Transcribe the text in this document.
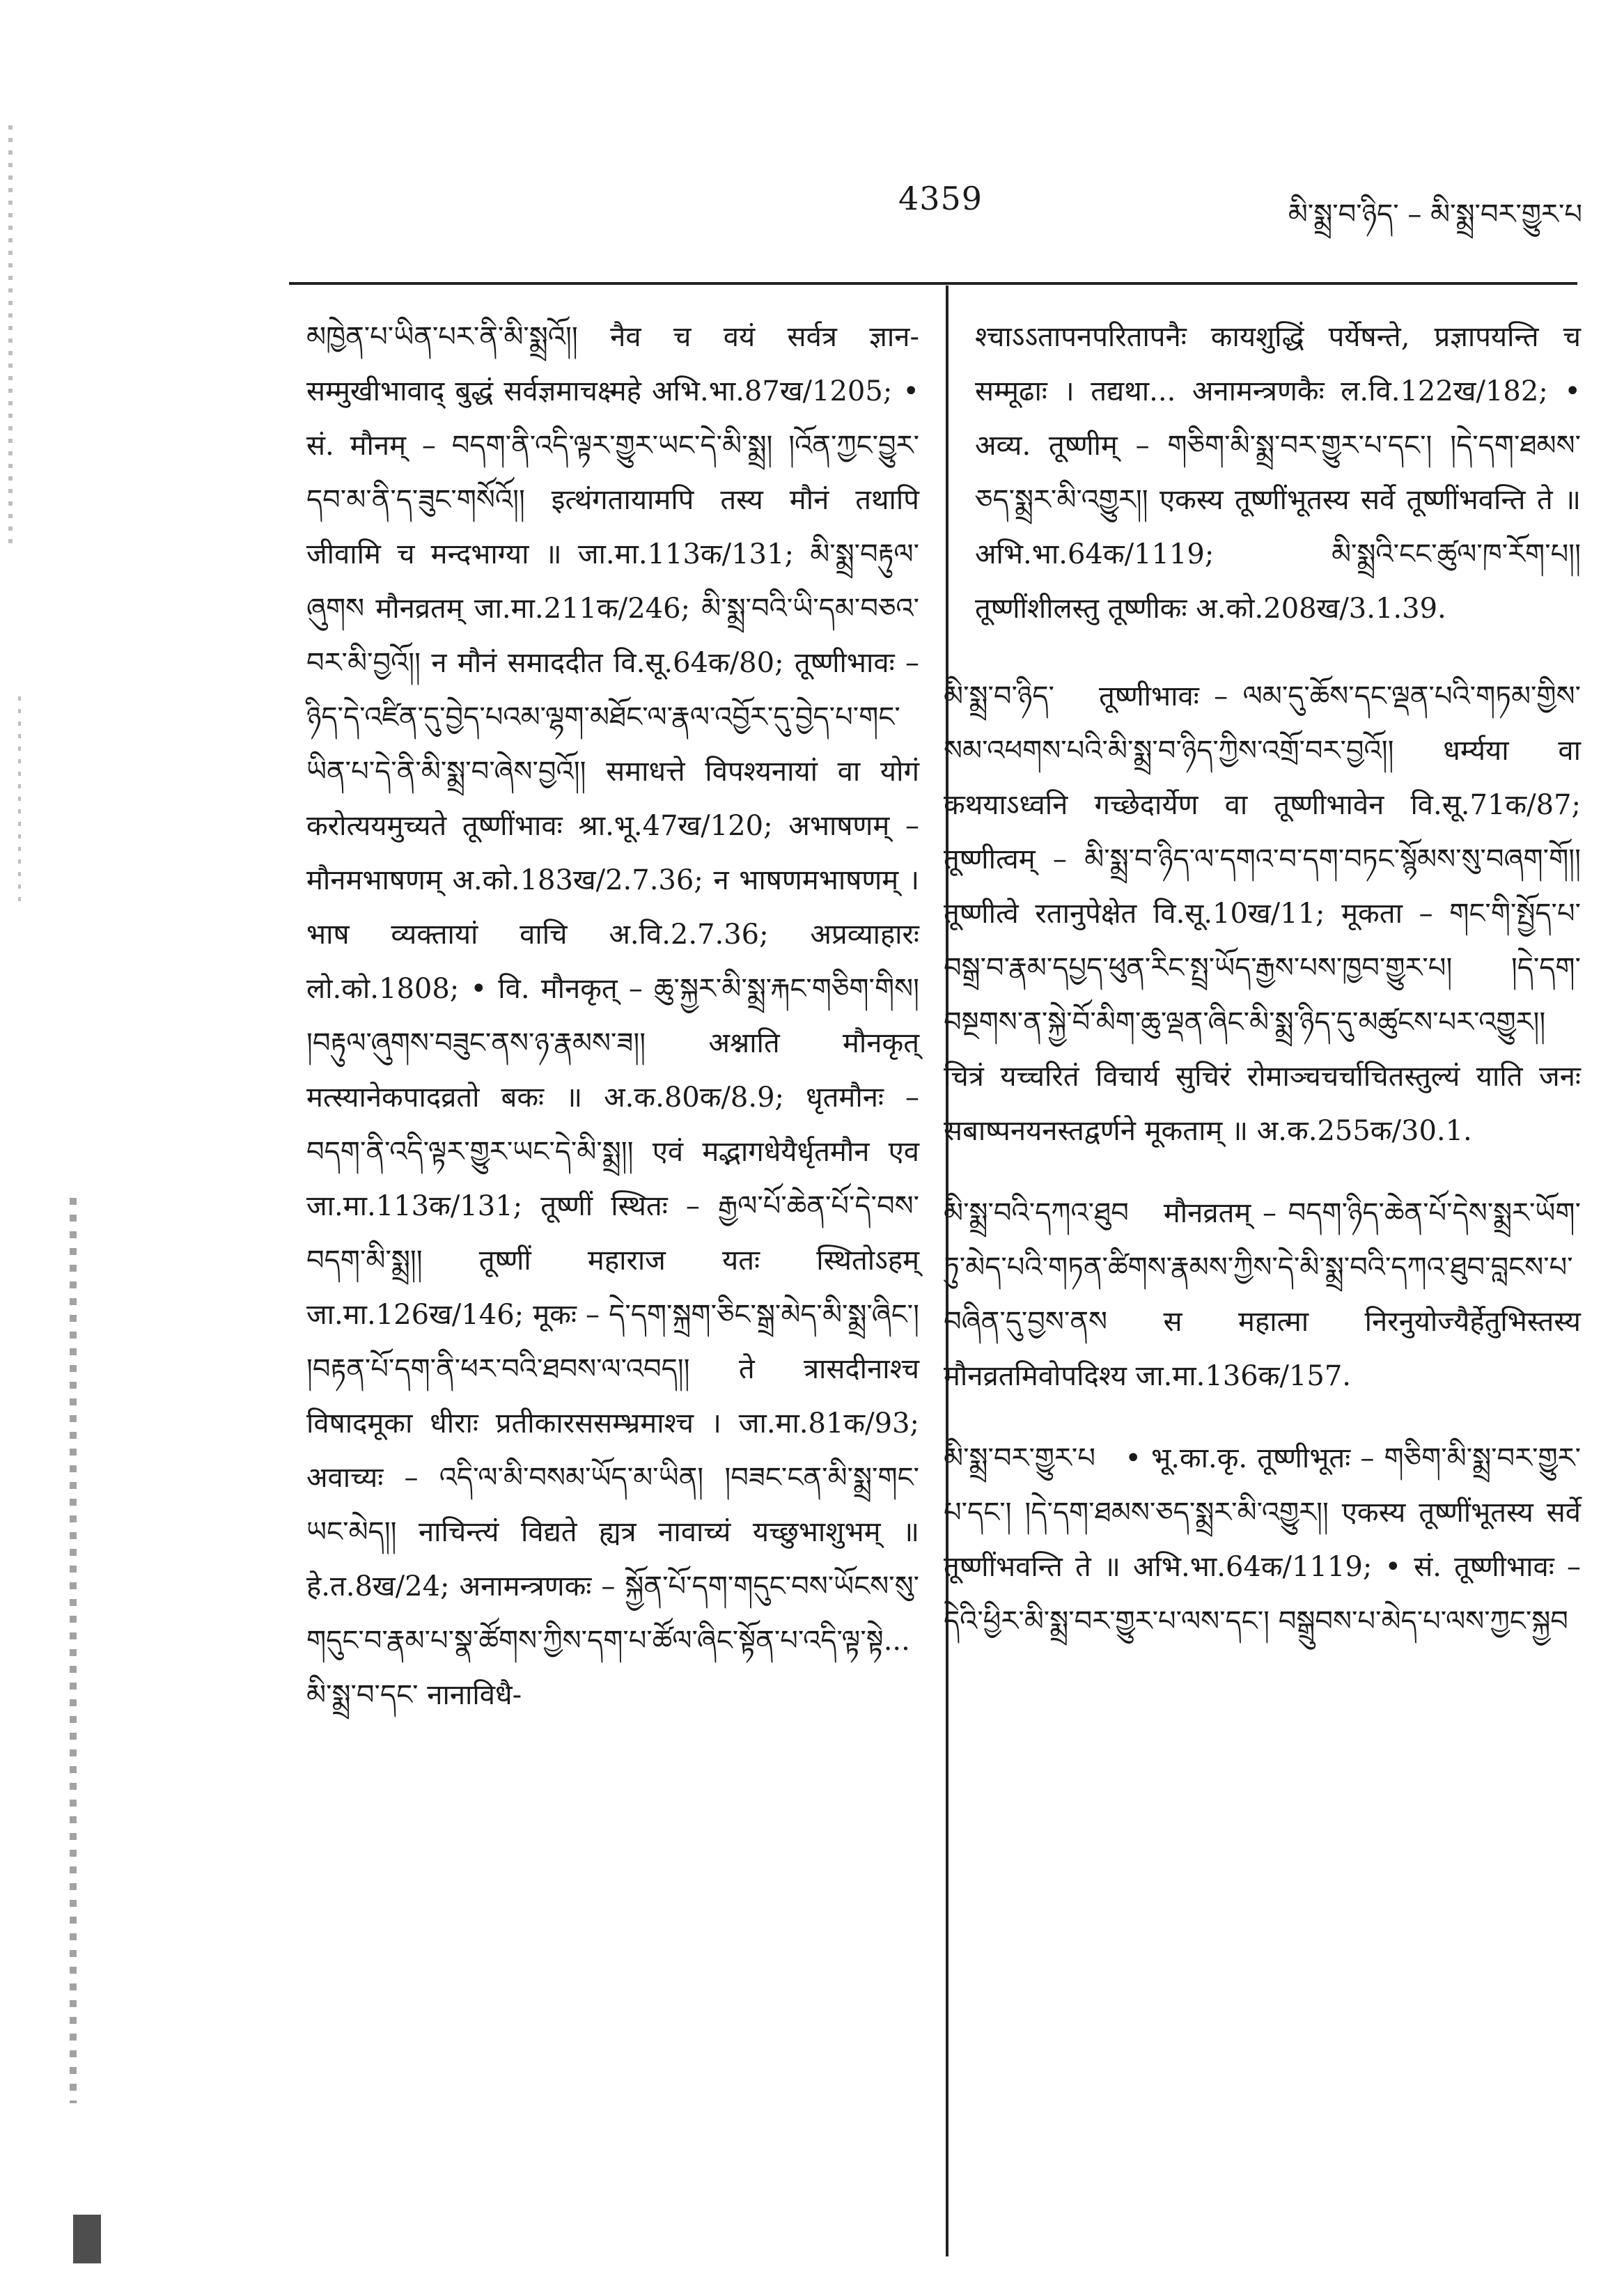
4359	མི་སྨྲ་བ་ཉིད་ – མི་སྨྲ་བར་གྱུར་པ

མཁྱེན་པ་ཡིན་པར་ནི་མི་སྨྲའོ།། नैव च वयं सर्वत्र ज्ञान-सम्मुखीभावाद् बुद्धं सर्वज्ञमाचक्ष्महे अभि.भा.87ख/1205; • सं. मौनम् – བདག་ནི་འདི་ལྟར་གྱུར་ཡང་དེ་མི་སྨྲ། །འོན་ཀྱང་བྱུར་དབ་མ་ནི་ད་ཟུང་གསོའོ།། इत्थंगतायामपि तस्य मौनं तथापि जीवामि च मन्दभाग्या ॥ जा.मा.113क/131; མི་སྨྲ་བརྟུལ་ཞུགས मौनव्रतम् जा.मा.211क/246; མི་སྨྲ་བའི་ཡི་དམ་བཅའ་བར་མི་བྱའོ།། न मौनं समाददीत वि.सू.64क/80; तूष्णीभावः – ཉིད་དེ་འཛིན་དུ་བྱེད་པའམ་ལྷག་མཐོང་ལ་རྣལ་འབྱོར་དུ་བྱེད་པ་གང་ཡིན་པ་དེ་ནི་མི་སྨྲ་བ་ཞེས་བྱའོ།། समाधत्ते विपश्यनायां वा योगं करोत्ययमुच्यते तूष्णींभावः श्रा.भू.47ख/120; अभाषणम् – मौनमभाषणम् अ.को.183ख/2.7.36; न भाषणमभाषणम् । भाष व्यक्तायां वाचि अ.वि.2.7.36; अप्रव्याहारः लो.को.1808; • वि. मौनकृत् – ཆུ་སྐྱར་མི་སྨྲ་རྐང་གཅིག་གིས། །བརྟུལ་ཞུགས་བཟུང་ནས་ཉ་རྣམས་ཟ།། अश्नाति मौनकृत् मत्स्यानेकपादव्रतो बकः ॥ अ.क.80क/8.9; धृतमौनः – བདག་ནི་འདི་ལྟར་གྱུར་ཡང་དེ་མི་སྨྲ།། एवं मद्भागधेयैर्धृतमौन एव जा.मा.113क/131; तूष्णीं स्थितः – རྒྱལ་པོ་ཆེན་པོ་དེ་བས་བདག་མི་སྨྲ།། तूष्णीं महाराज यतः स्थितोऽहम् जा.मा.126ख/146; मूकः – དེ་དག་སྐྲག་ཅིང་སྒྲ་མེད་མི་སྨྲ་ཞིང་། །བརྟན་པོ་དག་ནི་ཕར་བའི་ཐབས་ལ་འབད།། ते त्रासदीनाश्च विषादमूका धीराः प्रतीकारससम्भ्रमाश्च । जा.मा.81क/93; अवाच्यः – འདི་ལ་མི་བསམ་ཡོད་མ་ཡིན། །བཟང་ངན་མི་སྨྲ་གང་ཡང་མེད།། नाचिन्त्यं विद्यते ह्यत्र नावाच्यं यच्छुभाशुभम् ॥ हे.त.8ख/24; अनामन्त्रणकः – སྐྱོན་པོ་དག་གདུང་བས་ཡོངས་སུ་གདུང་བ་རྣམ་པ་སྣ་ཚོགས་ཀྱིས་དག་པ་ཚོལ་ཞིང་སྟོན་པ་འདི་ལྟ་སྟེ... མི་སྨྲ་བ་དང་ नानाविधै-

श्चाऽऽतापनपरितापनैः कायशुद्धिं पर्येषन्ते, प्रज्ञापयन्ति च सम्मूढाः । तद्यथा... अनामन्त्रणकैः ल.वि.122ख/182; • अव्य. तूष्णीम् – གཅིག་མི་སྨྲ་བར་གྱུར་པ་དང་། །དེ་དག་ཐམས་ཅད་སྨྲར་མི་འགྱུར།། एकस्य तूष्णींभूतस्य सर्वे तूष्णींभवन्ति ते ॥ अभि.भा.64क/1119; མི་སྨྲའི་ངང་ཚུལ་ཁ་རོག་པ།། तूष्णींशीलस्तु तूष्णीकः अ.को.208ख/3.1.39.
མི་སྨྲ་བ་ཉིད་ तूष्णीभावः – ལམ་དུ་ཆོས་དང་ལྡན་པའི་གཏམ་གྱིས་སམ་འཕགས་པའི་མི་སྨྲ་བ་ཉིད་ཀྱིས་འགྲོ་བར་བྱའོ།། धर्म्यया वा कथयाऽध्वनि गच्छेदार्येण वा तूष्णीभावेन वि.सू.71क/87; तूष्णीत्वम् – མི་སྨྲ་བ་ཉིད་ལ་དགའ་བ་དག་བཏང་སྙོམས་སུ་བཞག་གོ།། तूष्णीत्वे रतानुपेक्षेत वि.सू.10ख/11; मूकता – གང་གི་སྤྱོད་པ་བསྒྲ་བ་རྣམ་དཔྱད་ཕུན་རིང་སྤྲ་ཡོད་རྒྱས་པས་ཁྱབ་གྱུར་པ། །དེ་དག་བསྔགས་ན་སྐྱེ་བོ་མིག་ཆུ་ལྡན་ཞིང་མི་སྨྲ་ཉིད་དུ་མཚུངས་པར་འགྱུར།། चित्रं यच्चरितं विचार्य सुचिरं रोमाञ्चचर्चाचितस्तुल्यं याति जनः सबाष्पनयनस्तद्वर्णने मूकताम् ॥ अ.क.255क/30.1.
མི་སྨྲ་བའི་དཀའ་ཐུབ मौनव्रतम् – བདག་ཉིད་ཆེན་པོ་དེས་སྨྲར་ཡོག་ཏུ་མེད་པའི་གཏན་ཚིགས་རྣམས་ཀྱིས་དེ་མི་སྨྲ་བའི་དཀའ་ཐུབ་བླངས་པ་བཞིན་དུ་བྱས་ནས स महात्मा निरनुयोज्यैर्हेतुभिस्तस्य मौनव्रतमिवोपदिश्य जा.मा.136क/157.
མི་སྨྲ་བར་གྱུར་པ • भू.का.कृ. तूष्णीभूतः – གཅིག་མི་སྨྲ་བར་གྱུར་པ་དང་། །དེ་དག་ཐམས་ཅད་སྨྲར་མི་འགྱུར།། एकस्य तूष्णींभूतस्य सर्वे तूष्णींभवन्ति ते ॥ अभि.भा.64क/1119; • सं. तूष्णीभावः – དེའི་ཕྱིར་མི་སྨྲ་བར་གྱུར་པ་ལས་དང་། བསྒྲུབས་པ་མེད་པ་ལས་ཀྱང་སྐྱབ
